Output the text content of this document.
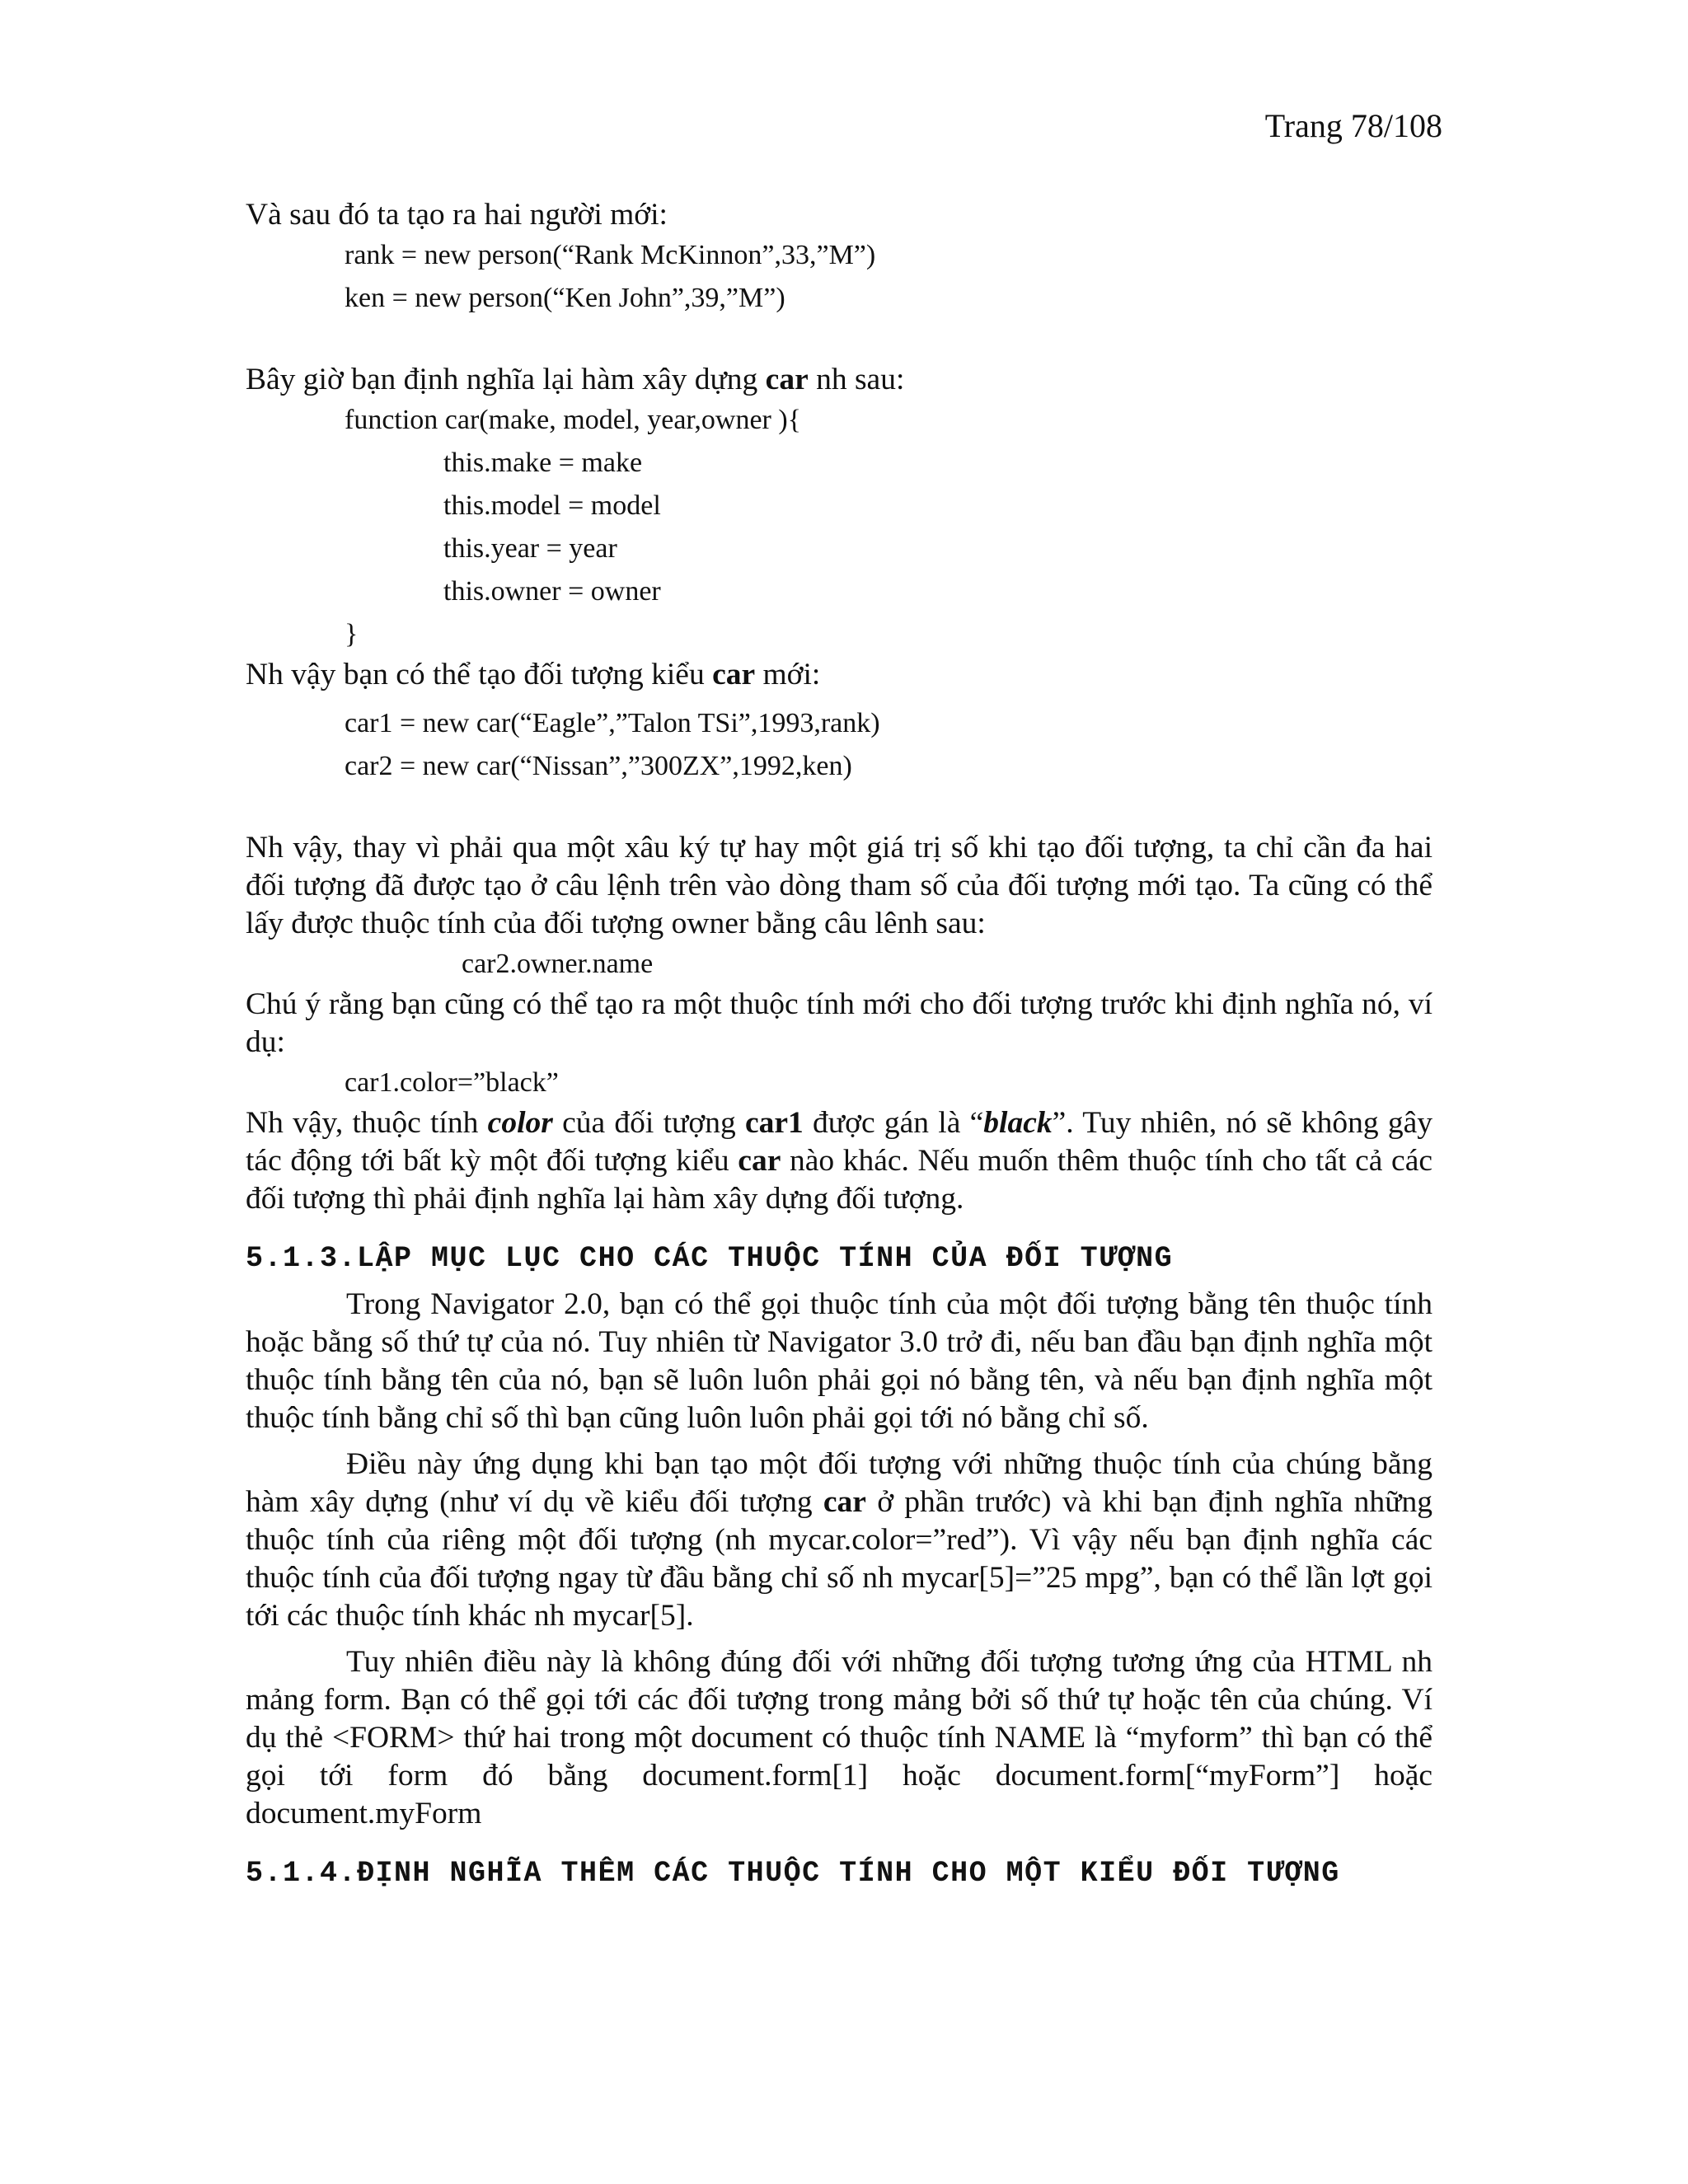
Trang 78/108

Và sau đó ta tạo ra hai người mới:

rank = new person(“Rank McKinnon”,33,”M”)

ken = new person(“Ken John”,39,”M”)

Bây giờ bạn định nghĩa lại hàm xây dựng car nh sau:

function car(make, model, year,owner ){

this.make = make

this.model = model

this.year = year

this.owner = owner

}

Nh vậy bạn có thể tạo đối tượng kiểu car mới:

car1 = new car(“Eagle”,”Talon TSi”,1993,rank)

car2 = new car(“Nissan”,”300ZX”,1992,ken)

Nh vậy, thay vì phải qua một xâu ký tự hay một giá trị số khi tạo đối tượng, ta chỉ cần đa hai đối tượng đã được tạo ở câu lệnh trên vào dòng tham số của đối tượng mới tạo. Ta cũng có thể lấy được thuộc tính của đối tượng owner bằng câu lênh sau:

car2.owner.name

Chú ý rằng bạn cũng có thể tạo ra một thuộc tính mới cho đối tượng trước khi định nghĩa nó, ví dụ:

car1.color=”black”

Nh vậy, thuộc tính color của đối tượng car1 được gán là “black”. Tuy nhiên, nó sẽ không gây tác động tới bất kỳ một đối tượng kiểu car nào khác. Nếu muốn thêm thuộc tính cho tất cả các đối tượng thì phải định nghĩa lại hàm xây dựng đối tượng.

5.1.3.LẬP MỤC LỤC CHO CÁC THUỘC TÍNH CỦA ĐỐI TƯỢNG

Trong Navigator 2.0, bạn có thể gọi thuộc tính của một đối tượng bằng tên thuộc tính hoặc bằng số thứ tự của nó. Tuy nhiên từ Navigator 3.0 trở đi, nếu ban đầu bạn định nghĩa một thuộc tính bằng tên của nó, bạn sẽ luôn luôn phải gọi nó bằng tên, và nếu bạn định nghĩa một thuộc tính bằng chỉ số thì bạn cũng luôn luôn phải gọi tới nó bằng chỉ số.

Điều này ứng dụng khi bạn tạo một đối tượng với những thuộc tính của chúng bằng hàm xây dựng (như ví dụ về kiểu đối tượng car ở phần trước) và khi bạn định nghĩa những thuộc tính của riêng một đối tượng (nh mycar.color=”red”). Vì vậy nếu bạn định nghĩa các thuộc tính của đối tượng ngay từ đầu bằng chỉ số nh mycar[5]=”25 mpg”, bạn có thể lần lợt gọi tới các thuộc tính khác nh mycar[5].

Tuy nhiên điều này là không đúng đối với những đối tượng tương ứng của HTML nh mảng form. Bạn có thể gọi tới các đối tượng trong mảng bởi số thứ tự hoặc tên của chúng. Ví dụ thẻ <FORM> thứ hai trong một document có thuộc tính NAME là “myform” thì bạn có thể gọi tới form đó bằng document.form[1] hoặc document.form[“myForm”] hoặc document.myForm

5.1.4.ĐỊNH NGHĨA THÊM CÁC THUỘC TÍNH CHO MỘT KIỂU ĐỐI TƯỢNG
